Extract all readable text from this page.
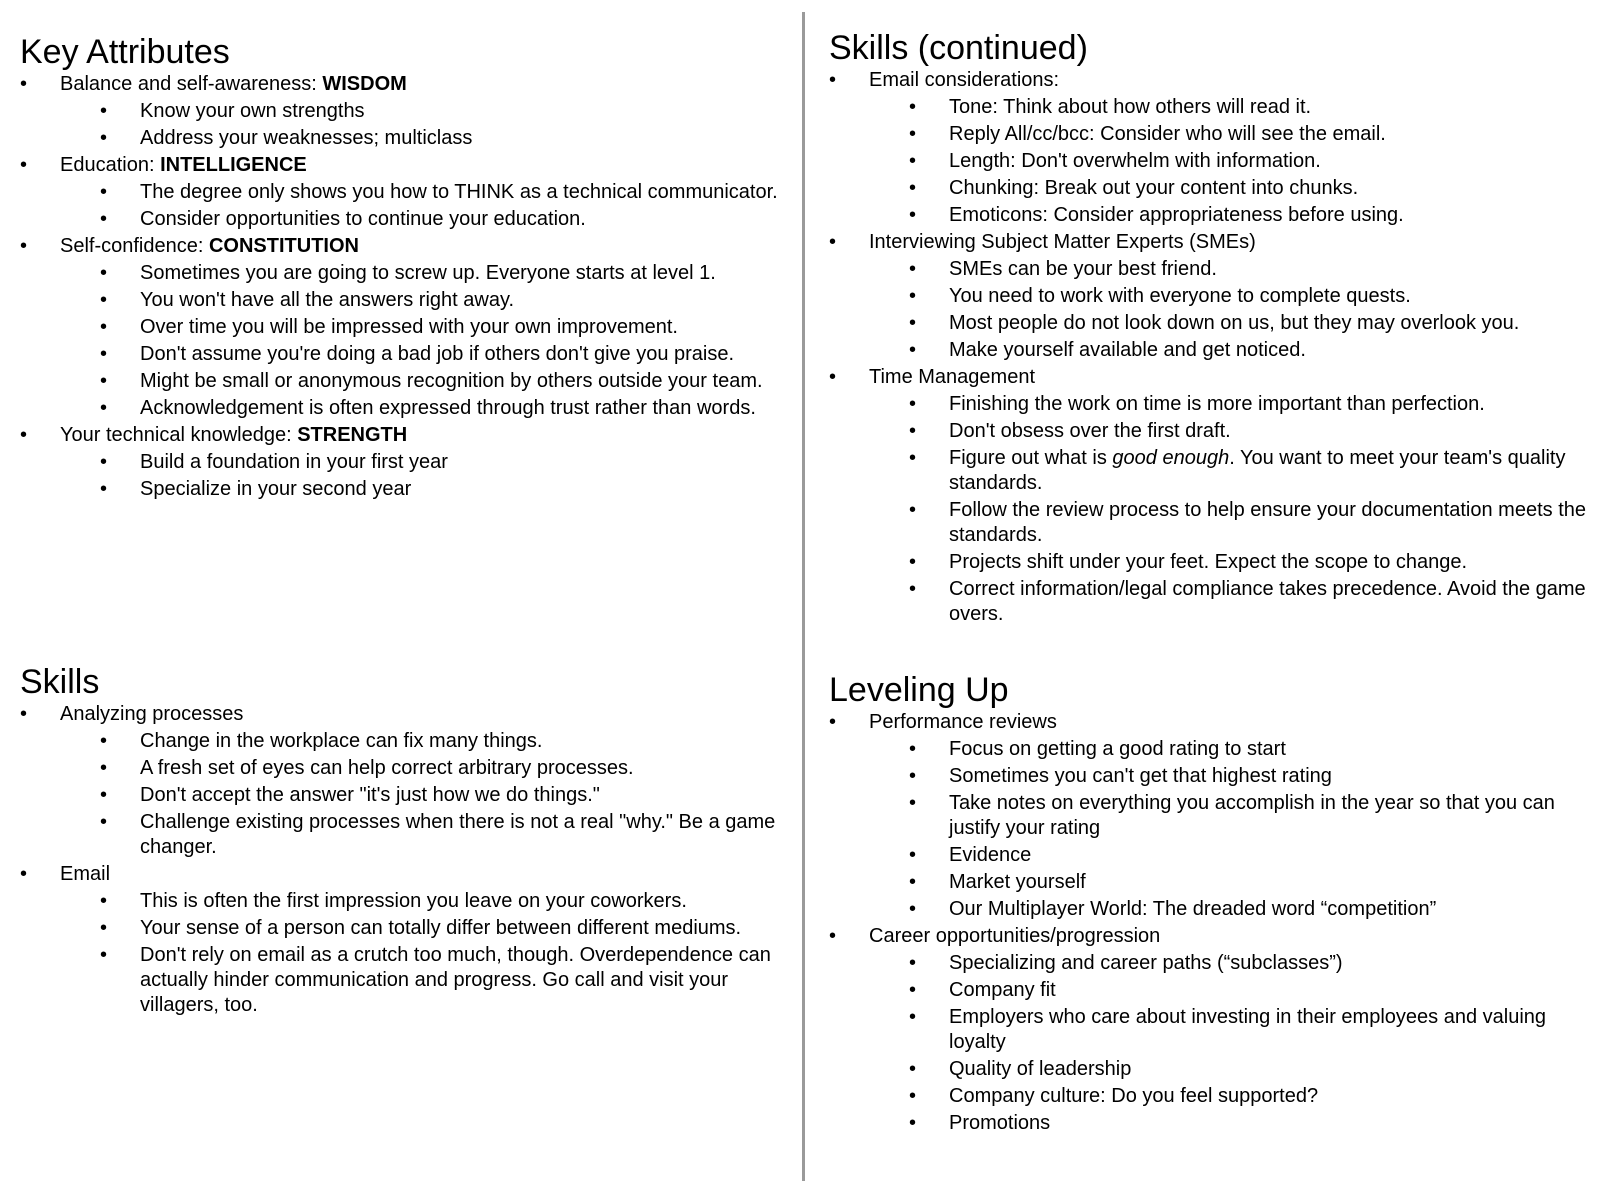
Key Attributes
• Balance and self-awareness: WISDOM
• Know your own strengths
• Address your weaknesses; multiclass
• Education: INTELLIGENCE
• The degree only shows you how to THINK as a technical communicator.
• Consider opportunities to continue your education.
• Self-confidence: CONSTITUTION
• Sometimes you are going to screw up. Everyone starts at level 1.
• You won't have all the answers right away.
• Over time you will be impressed with your own improvement.
• Don't assume you're doing a bad job if others don't give you praise.
• Might be small or anonymous recognition by others outside your team.
• Acknowledgement is often expressed through trust rather than words.
• Your technical knowledge: STRENGTH
• Build a foundation in your first year
• Specialize in your second year
Skills
• Analyzing processes
• Change in the workplace can fix many things.
• A fresh set of eyes can help correct arbitrary processes.
• Don't accept the answer "it's just how we do things."
• Challenge existing processes when there is not a real "why." Be a game changer.
• Email
• This is often the first impression you leave on your coworkers.
• Your sense of a person can totally differ between different mediums.
• Don't rely on email as a crutch too much, though. Overdependence can actually hinder communication and progress. Go call and visit your villagers, too.
Skills (continued)
• Email considerations:
• Tone: Think about how others will read it.
• Reply All/cc/bcc: Consider who will see the email.
• Length: Don't overwhelm with information.
• Chunking: Break out your content into chunks.
• Emoticons: Consider appropriateness before using.
• Interviewing Subject Matter Experts (SMEs)
• SMEs can be your best friend.
• You need to work with everyone to complete quests.
• Most people do not look down on us, but they may overlook you.
• Make yourself available and get noticed.
• Time Management
• Finishing the work on time is more important than perfection.
• Don't obsess over the first draft.
• Figure out what is good enough. You want to meet your team's quality standards.
• Follow the review process to help ensure your documentation meets the standards.
• Projects shift under your feet. Expect the scope to change.
• Correct information/legal compliance takes precedence. Avoid the game overs.
Leveling Up
• Performance reviews
• Focus on getting a good rating to start
• Sometimes you can't get that highest rating
• Take notes on everything you accomplish in the year so that you can justify your rating
• Evidence
• Market yourself
• Our Multiplayer World: The dreaded word “competition”
• Career opportunities/progression
• Specializing and career paths (“subclasses”)
• Company fit
• Employers who care about investing in their employees and valuing loyalty
• Quality of leadership
• Company culture: Do you feel supported?
• Promotions
